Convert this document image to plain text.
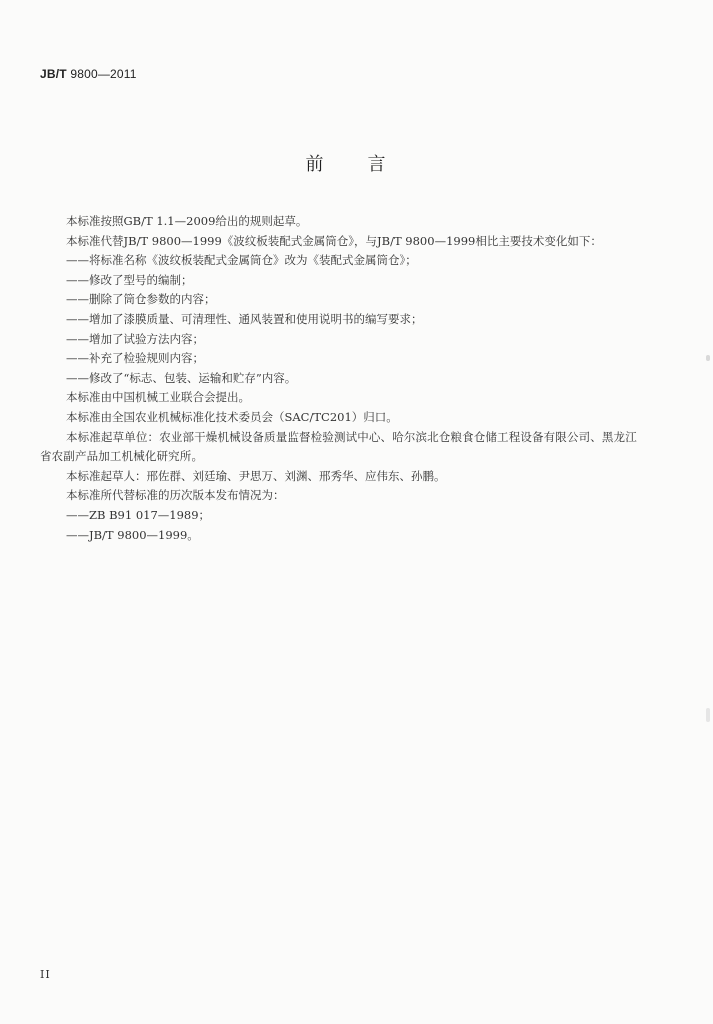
JB/T 9800—2011
前言

本标准按照GB/T 1.1—2009给出的规则起草。

本标准代替JB/T 9800—1999《波纹板装配式金属筒仓》，与JB/T 9800—1999相比主要技术变化如下：

——将标准名称《波纹板装配式金属筒仓》改为《装配式金属筒仓》；

——修改了型号的编制；

——删除了筒仓参数的内容；

——增加了漆膜质量、可清理性、通风装置和使用说明书的编写要求；

——增加了试验方法内容；

——补充了检验规则内容；

——修改了“标志、包装、运输和贮存”内容。

本标准由中国机械工业联合会提出。

本标准由全国农业机械标准化技术委员会（SAC/TC201）归口。

本标准起草单位：农业部干燥机械设备质量监督检验测试中心、哈尔滨北仓粮食仓储工程设备有限公司、黑龙江省农副产品加工机械化研究所。

本标准起草人：邢佐群、刘廷瑜、尹思万、刘渊、邢秀华、应伟东、孙鹏。

本标准所代替标准的历次版本发布情况为：

——ZB B91 017—1989；

——JB/T 9800—1999。

II
